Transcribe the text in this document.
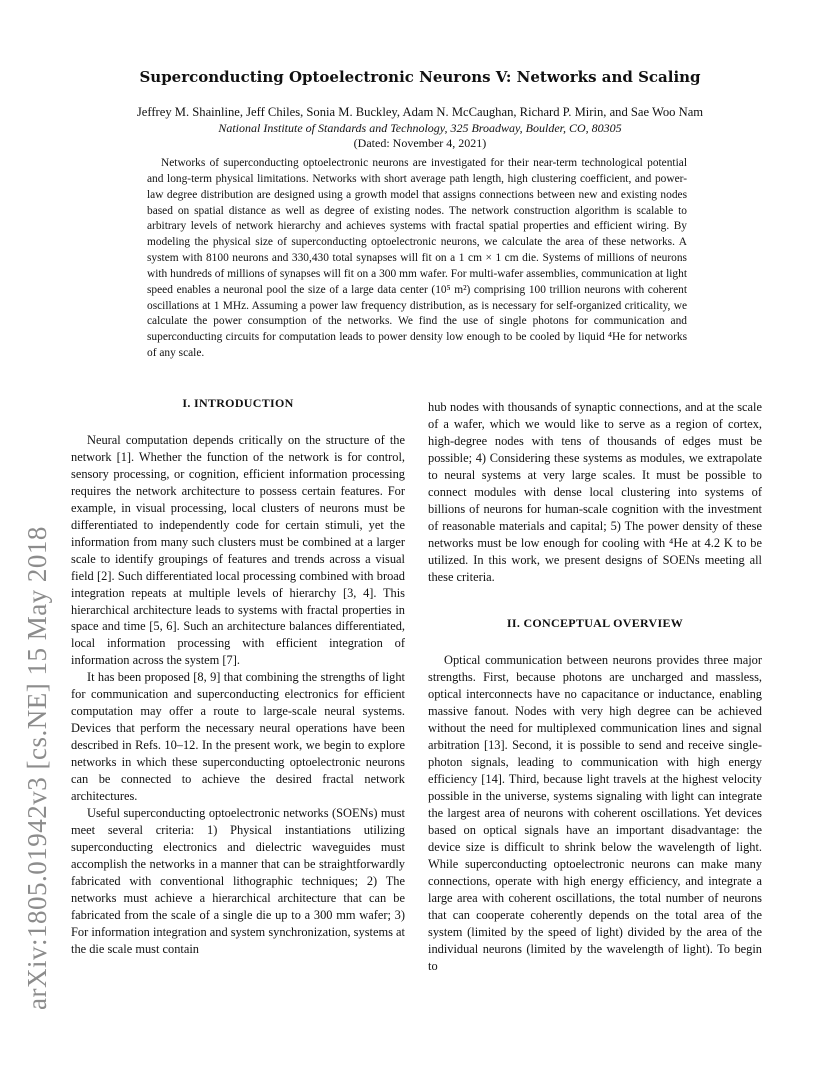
arXiv:1805.01942v3 [cs.NE] 15 May 2018
Superconducting Optoelectronic Neurons V: Networks and Scaling
Jeffrey M. Shainline, Jeff Chiles, Sonia M. Buckley, Adam N. McCaughan, Richard P. Mirin, and Sae Woo Nam
National Institute of Standards and Technology, 325 Broadway, Boulder, CO, 80305
(Dated: November 4, 2021)

Networks of superconducting optoelectronic neurons are investigated for their near-term technological potential and long-term physical limitations. Networks with short average path length, high clustering coefficient, and power-law degree distribution are designed using a growth model that assigns connections between new and existing nodes based on spatial distance as well as degree of existing nodes. The network construction algorithm is scalable to arbitrary levels of network hierarchy and achieves systems with fractal spatial properties and efficient wiring. By modeling the physical size of superconducting optoelectronic neurons, we calculate the area of these networks. A system with 8100 neurons and 330,430 total synapses will fit on a 1 cm × 1 cm die. Systems of millions of neurons with hundreds of millions of synapses will fit on a 300 mm wafer. For multi-wafer assemblies, communication at light speed enables a neuronal pool the size of a large data center (10⁵ m²) comprising 100 trillion neurons with coherent oscillations at 1 MHz. Assuming a power law frequency distribution, as is necessary for self-organized criticality, we calculate the power consumption of the networks. We find the use of single photons for communication and superconducting circuits for computation leads to power density low enough to be cooled by liquid ⁴He for networks of any scale.

I. INTRODUCTION

Neural computation depends critically on the structure of the network [1]. Whether the function of the network is for control, sensory processing, or cognition, efficient information processing requires the network architecture to possess certain features. For example, in visual processing, local clusters of neurons must be differentiated to independently code for certain stimuli, yet the information from many such clusters must be combined at a larger scale to identify groupings of features and trends across a visual field [2]. Such differentiated local processing combined with broad integration repeats at multiple levels of hierarchy [3, 4]. This hierarchical architecture leads to systems with fractal properties in space and time [5, 6]. Such an architecture balances differentiated, local information processing with efficient integration of information across the system [7].

It has been proposed [8, 9] that combining the strengths of light for communication and superconducting electronics for efficient computation may offer a route to large-scale neural systems. Devices that perform the necessary neural operations have been described in Refs. 10–12. In the present work, we begin to explore networks in which these superconducting optoelectronic neurons can be connected to achieve the desired fractal network architectures.

Useful superconducting optoelectronic networks (SOENs) must meet several criteria: 1) Physical instantiations utilizing superconducting electronics and dielectric waveguides must accomplish the networks in a manner that can be straightforwardly fabricated with conventional lithographic techniques; 2) The networks must achieve a hierarchical architecture that can be fabricated from the scale of a single die up to a 300 mm wafer; 3) For information integration and system synchronization, systems at the die scale must contain

hub nodes with thousands of synaptic connections, and at the scale of a wafer, which we would like to serve as a region of cortex, high-degree nodes with tens of thousands of edges must be possible; 4) Considering these systems as modules, we extrapolate to neural systems at very large scales. It must be possible to connect modules with dense local clustering into systems of billions of neurons for human-scale cognition with the investment of reasonable materials and capital; 5) The power density of these networks must be low enough for cooling with ⁴He at 4.2 K to be utilized. In this work, we present designs of SOENs meeting all these criteria.

II. CONCEPTUAL OVERVIEW

Optical communication between neurons provides three major strengths. First, because photons are uncharged and massless, optical interconnects have no capacitance or inductance, enabling massive fanout. Nodes with very high degree can be achieved without the need for multiplexed communication lines and signal arbitration [13]. Second, it is possible to send and receive single-photon signals, leading to communication with high energy efficiency [14]. Third, because light travels at the highest velocity possible in the universe, systems signaling with light can integrate the largest area of neurons with coherent oscillations. Yet devices based on optical signals have an important disadvantage: the device size is difficult to shrink below the wavelength of light. While superconducting optoelectronic neurons can make many connections, operate with high energy efficiency, and integrate a large area with coherent oscillations, the total number of neurons that can cooperate coherently depends on the total area of the system (limited by the speed of light) divided by the area of the individual neurons (limited by the wavelength of light). To begin to
